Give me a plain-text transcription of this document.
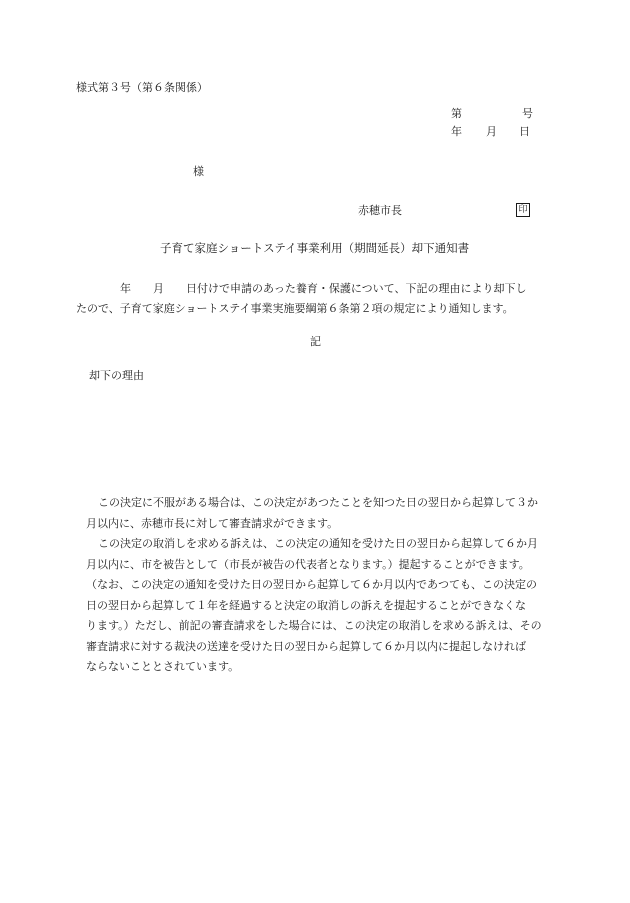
様式第３号（第６条関係）
第	号
年 月 日
様
赤穂市長	印
子育て家庭ショートステイ事業利用（期間延長）却下通知書
年 月 日付けで申請のあった養育・保護について、下記の理由により却下し
たので、子育て家庭ショートステイ事業実施要綱第６条第２項の規定により通知します。
記
却下の理由
この決定に不服がある場合は、この決定があつたことを知つた日の翌日から起算して３か
月以内に、赤穂市長に対して審査請求ができます。
この決定の取消しを求める訴えは、この決定の通知を受けた日の翌日から起算して６か月
月以内に、市を被告として（市長が被告の代表者となります。）提起することができます。
（なお、この決定の通知を受けた日の翌日から起算して６か月以内であつても、この決定の
日の翌日から起算して１年を経過すると決定の取消しの訴えを提起することができなくな
ります。）ただし、前記の審査請求をした場合には、この決定の取消しを求める訴えは、その
審査請求に対する裁決の送達を受けた日の翌日から起算して６か月以内に提起しなければ
ならないこととされています。
